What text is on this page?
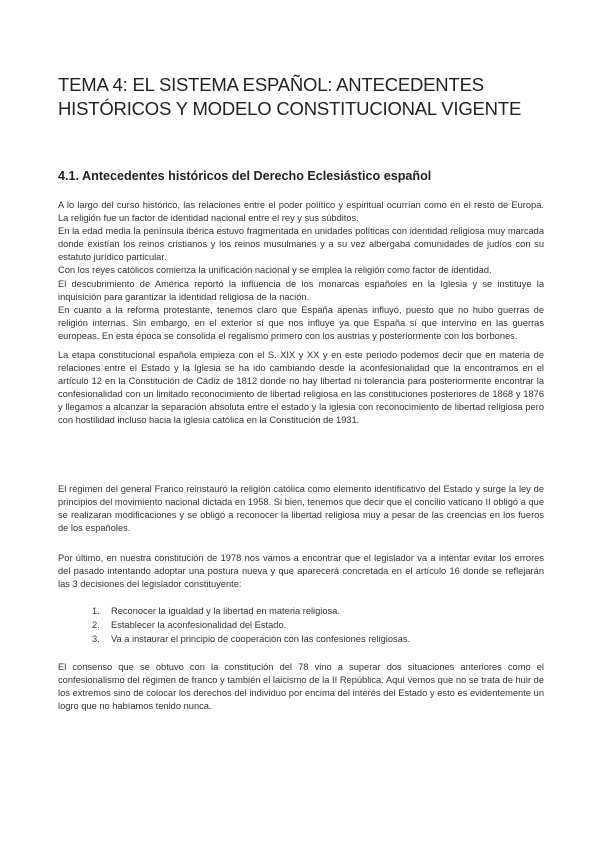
TEMA 4: EL SISTEMA ESPAÑOL: ANTECEDENTES HISTÓRICOS Y MODELO CONSTITUCIONAL VIGENTE
4.1. Antecedentes históricos del Derecho Eclesiástico español
A lo largo del curso histórico, las relaciones entre el poder político y espiritual ocurrían como en el resto de Europa. La religión fue un factor de identidad nacional entre el rey y sus súbditos.
En la edad media la península ibérica estuvo fragmentada en unidades políticas con identidad religiosa muy marcada donde existían los reinos cristianos y los reinos musulmanes y a su vez albergaba comunidades de judíos con su estatuto jurídico particular.
Con los reyes católicos comienza la unificación nacional y se emplea la religión como factor de identidad.
El descubrimiento de América reportó la influencia de los monarcas españoles en la Iglesia y se instituye la inquisición para garantizar la identidad religiosa de la nación.
En cuanto a la reforma protestante, tenemos claro que España apenas influyó, puesto que no hubo guerras de religión internas. Sin embargo, en el exterior sí que nos influye ya que España sí que intervino en las guerras europeas. En esta época se consolida el regalismo primero con los austrias y posteriormente con los borbones.

La etapa constitucional española empieza con el S. XIX y XX y en este periodo podemos decir que en materia de relaciones entre el Estado y la Iglesia se ha ido cambiando desde la aconfesionalidad que la encontramos en el artículo 12 en la Constitución de Cádiz de 1812 donde no hay libertad ni tolerancia para posteriormente encontrar la confesionalidad con un limitado reconocimiento de libertad religiosa en las constituciones posteriores de 1868 y 1876 y llegamos a alcanzar la separación absoluta entre el estado y la iglesia con reconocimiento de libertad religiosa pero con hostilidad incluso hacia la iglesia católica en la Constitución de 1931.

El régimen del general Franco reinstauró la religión católica como elemento identificativo del Estado y surge la ley de principios del movimiento nacional dictada en 1958. Si bien, tenemos que decir que el concilio vaticano II obligó a que se realizaran modificaciones y se obligó a reconocer la libertad religiosa muy a pesar de las creencias en los fueros de los españoles.

Por último, en nuestra constitución de 1978 nos vamos a encontrar que el legislador va a intentar evitar los errores del pasado intentando adoptar una postura nueva y que aparecerá concretada en el artículo 16 donde se reflejarán las 3 decisiones del legislador constituyente:

1. Reconocer la igualdad y la libertad en materia religiosa.
2. Establecer la aconfesionalidad del Estado.
3. Va a instaurar el principio de cooperación con las confesiones religiosas.

El consenso que se obtuvo con la constitución del 78 vino a superar dos situaciones anteriores como el confesionalismo del régimen de franco y también el laicismo de la II República. Aquí vemos que no se trata de huir de los extremos sino de colocar los derechos del individuo por encima del interés del Estado y esto es evidentemente un logro que no habíamos tenido nunca.
